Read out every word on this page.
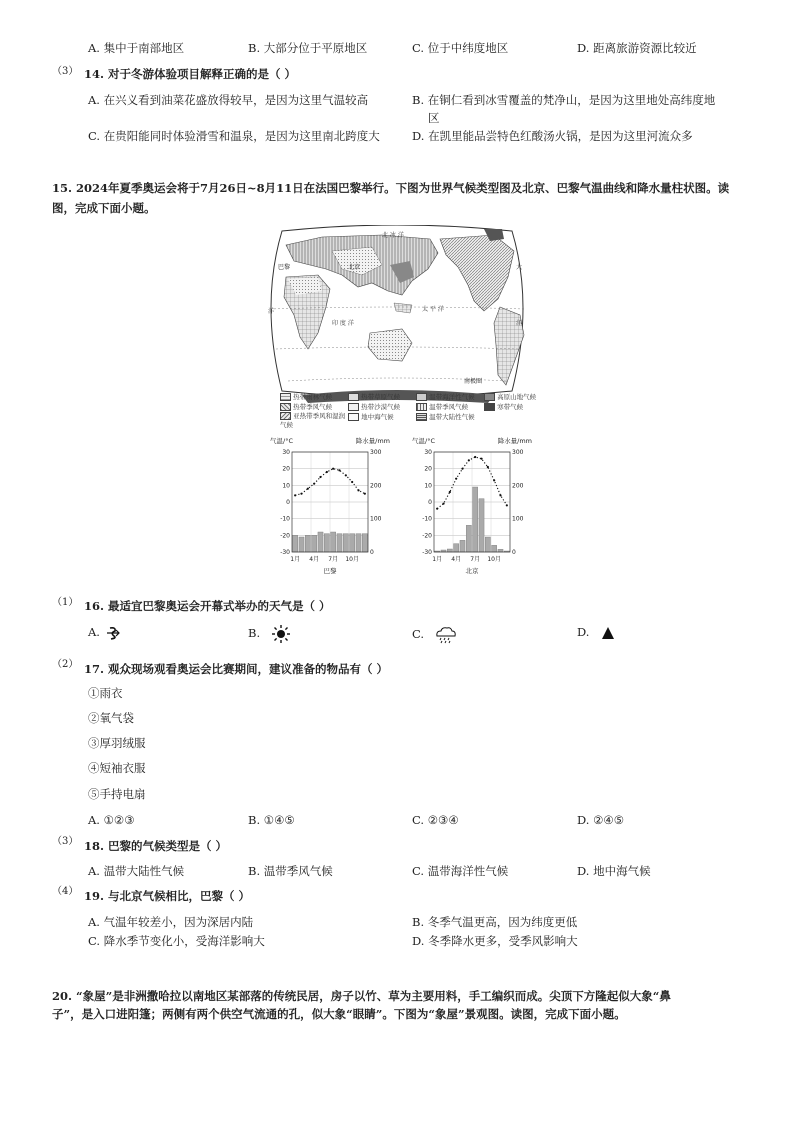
A. 集中于南部地区	B. 大部分位于平原地区	C. 位于中纬度地区	D. 距离旅游资源比较近
（3） 14. 对于冬游体验项目解释正确的是（ ）
A. 在兴义看到油菜花盛放得较早，是因为这里气温较高	B. 在铜仁看到冰雪覆盖的梵净山，是因为这里地处高纬度地
区
C. 在贵阳能同时体验滑雪和温泉，是因为这里南北跨度大	D. 在凯里能品尝特色红酸汤火锅，是因为这里河流众多
15. 2024年夏季奥运会将于7月26日~8月11日在法国巴黎举行。下图为世界气候类型图及北京、巴黎气温曲线和降水量柱状图。读
图，完成下面小题。
北 冰 洋
太 平 洋
印 度 洋
洋
大
洋
北京
巴黎
南极圈
热带雨林气候	热带草原气候	温带海洋性气候	高原山地气候
热带季风气候	热带沙漠气候	温带季风气候	寒带气候
亚热带季风和湿润气候
地中海气候	温带大陆性气候
气温/°C	降水量/mm
30
20
10
0
-10
-20
-30
300
200
100
0
1月 4月 7月 10月
巴黎
气温/°C	降水量/mm
30
20
10
0
-10
-20
-30
300
200
100
0
1月 4月 7月 10月
北京
（1） 16. 最适宜巴黎奥运会开幕式举办的天气是（ ）
A.	B.	C.	D.
（2） 17. 观众现场观看奥运会比赛期间，建议准备的物品有（ ）
①雨衣
②氧气袋
③厚羽绒服
④短袖衣服
⑤手持电扇
A. ①②③	B. ①④⑤	C. ②③④	D. ②④⑤
（3） 18. 巴黎的气候类型是（ ）
A. 温带大陆性气候	B. 温带季风气候	C. 温带海洋性气候	D. 地中海气候
（4） 19. 与北京气候相比，巴黎（ ）
A. 气温年较差小，因为深居内陆	B. 冬季气温更高，因为纬度更低
C. 降水季节变化小，受海洋影响大	D. 冬季降水更多，受季风影响大
20. “象屋”是非洲撒哈拉以南地区某部落的传统民居，房子以竹、草为主要用料，手工编织而成。尖顶下方隆起似大象“鼻
子”，是入口进阳篷；两侧有两个供空气流通的孔，似大象“眼睛”。下图为“象屋”景观图。读图，完成下面小题。
